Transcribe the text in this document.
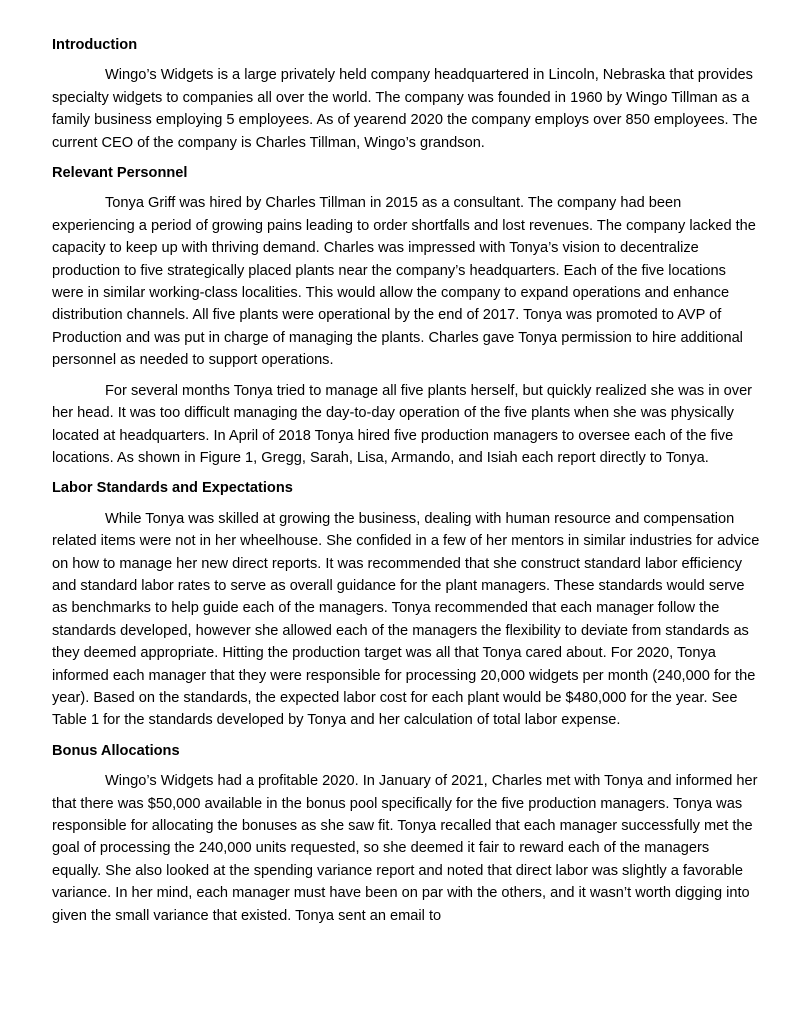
Introduction

Wingo’s Widgets is a large privately held company headquartered in Lincoln, Nebraska that provides specialty widgets to companies all over the world. The company was founded in 1960 by Wingo Tillman as a family business employing 5 employees. As of yearend 2020 the company employs over 850 employees. The current CEO of the company is Charles Tillman, Wingo’s grandson.

Relevant Personnel

Tonya Griff was hired by Charles Tillman in 2015 as a consultant. The company had been experiencing a period of growing pains leading to order shortfalls and lost revenues. The company lacked the capacity to keep up with thriving demand. Charles was impressed with Tonya’s vision to decentralize production to five strategically placed plants near the company’s headquarters. Each of the five locations were in similar working-class localities. This would allow the company to expand operations and enhance distribution channels. All five plants were operational by the end of 2017. Tonya was promoted to AVP of Production and was put in charge of managing the plants. Charles gave Tonya permission to hire additional personnel as needed to support operations.

For several months Tonya tried to manage all five plants herself, but quickly realized she was in over her head. It was too difficult managing the day-to-day operation of the five plants when she was physically located at headquarters. In April of 2018 Tonya hired five production managers to oversee each of the five locations. As shown in Figure 1, Gregg, Sarah, Lisa, Armando, and Isiah each report directly to Tonya.

Labor Standards and Expectations

While Tonya was skilled at growing the business, dealing with human resource and compensation related items were not in her wheelhouse. She confided in a few of her mentors in similar industries for advice on how to manage her new direct reports. It was recommended that she construct standard labor efficiency and standard labor rates to serve as overall guidance for the plant managers. These standards would serve as benchmarks to help guide each of the managers. Tonya recommended that each manager follow the standards developed, however she allowed each of the managers the flexibility to deviate from standards as they deemed appropriate. Hitting the production target was all that Tonya cared about. For 2020, Tonya informed each manager that they were responsible for processing 20,000 widgets per month (240,000 for the year). Based on the standards, the expected labor cost for each plant would be $480,000 for the year. See Table 1 for the standards developed by Tonya and her calculation of total labor expense.

Bonus Allocations

Wingo’s Widgets had a profitable 2020. In January of 2021, Charles met with Tonya and informed her that there was $50,000 available in the bonus pool specifically for the five production managers. Tonya was responsible for allocating the bonuses as she saw fit. Tonya recalled that each manager successfully met the goal of processing the 240,000 units requested, so she deemed it fair to reward each of the managers equally. She also looked at the spending variance report and noted that direct labor was slightly a favorable variance. In her mind, each manager must have been on par with the others, and it wasn’t worth digging into given the small variance that existed. Tonya sent an email to
